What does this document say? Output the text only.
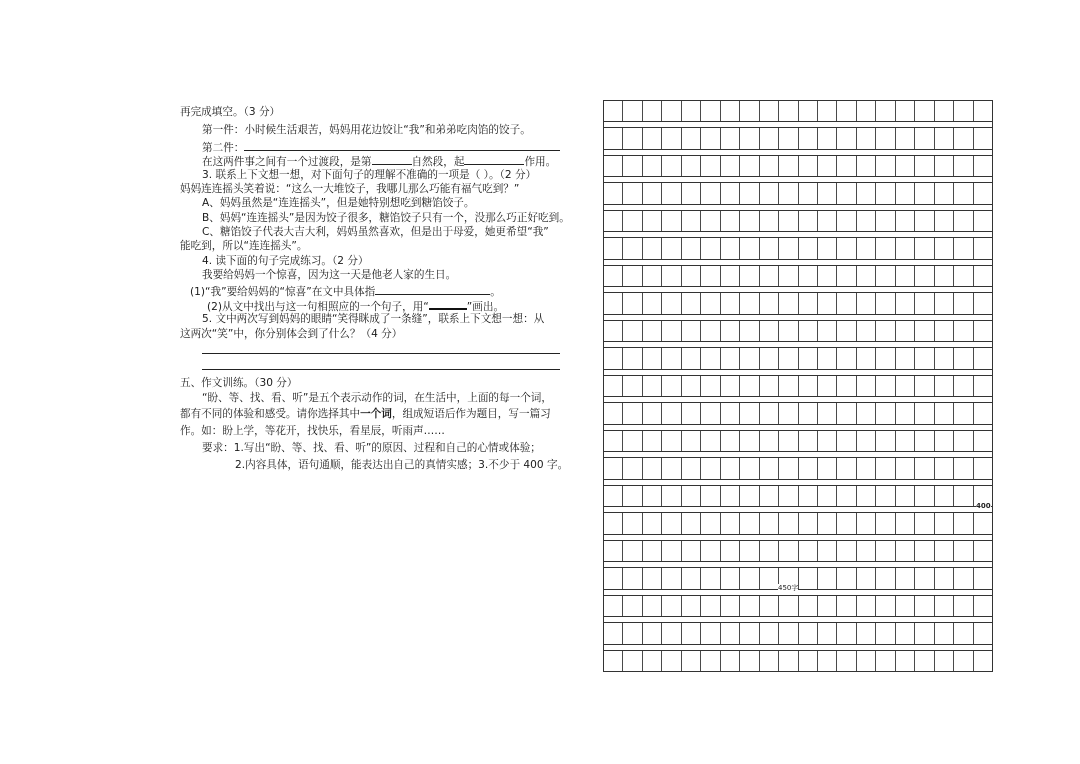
再完成填空。（3 分）
第一件：小时候生活艰苦，妈妈用花边饺让“我”和弟弟吃肉馅的饺子。
第二件：
在这两件事之间有一个过渡段，是第	自然段，起	作用。
3. 联系上下文想一想，对下面句子的理解不准确的一项是（ ）。（2 分）
妈妈连连摇头笑着说：“这么一大堆饺子，我哪儿那么巧能有福气吃到？”
A、妈妈虽然是“连连摇头”，但是她特别想吃到糖馅饺子。
B、妈妈“连连摇头”是因为饺子很多，糖馅饺子只有一个，没那么巧正好吃到。
C、糖馅饺子代表大吉大利，妈妈虽然喜欢，但是出于母爱，她更希望“我”
能吃到，所以“连连摇头”。
4. 读下面的句子完成练习。（2 分）
我要给妈妈一个惊喜，因为这一天是他老人家的生日。
(1)“我”要给妈妈的“惊喜”在文中具体指	。
(2)从文中找出与这一句相照应的一个句子，用“	”画出。
5. 文中两次写到妈妈的眼睛“笑得眯成了一条缝”，联系上下文想一想：从
这两次“笑”中，你分别体会到了什么？（4 分）
五、作文训练。（30 分）
“盼、等、找、看、听”是五个表示动作的词，在生活中，上面的每一个词，
都有不同的体验和感受。请你选择其中一个词，组成短语后作为题目，写一篇习
作。如：盼上学，等花开，找快乐，看星辰，听雨声……
要求：1.写出“盼、等、找、看、听”的原因、过程和自己的心情或体验；
2.内容具体，语句通顺，能表达出自己的真情实感；3.不少于 400 字。
400
450字
